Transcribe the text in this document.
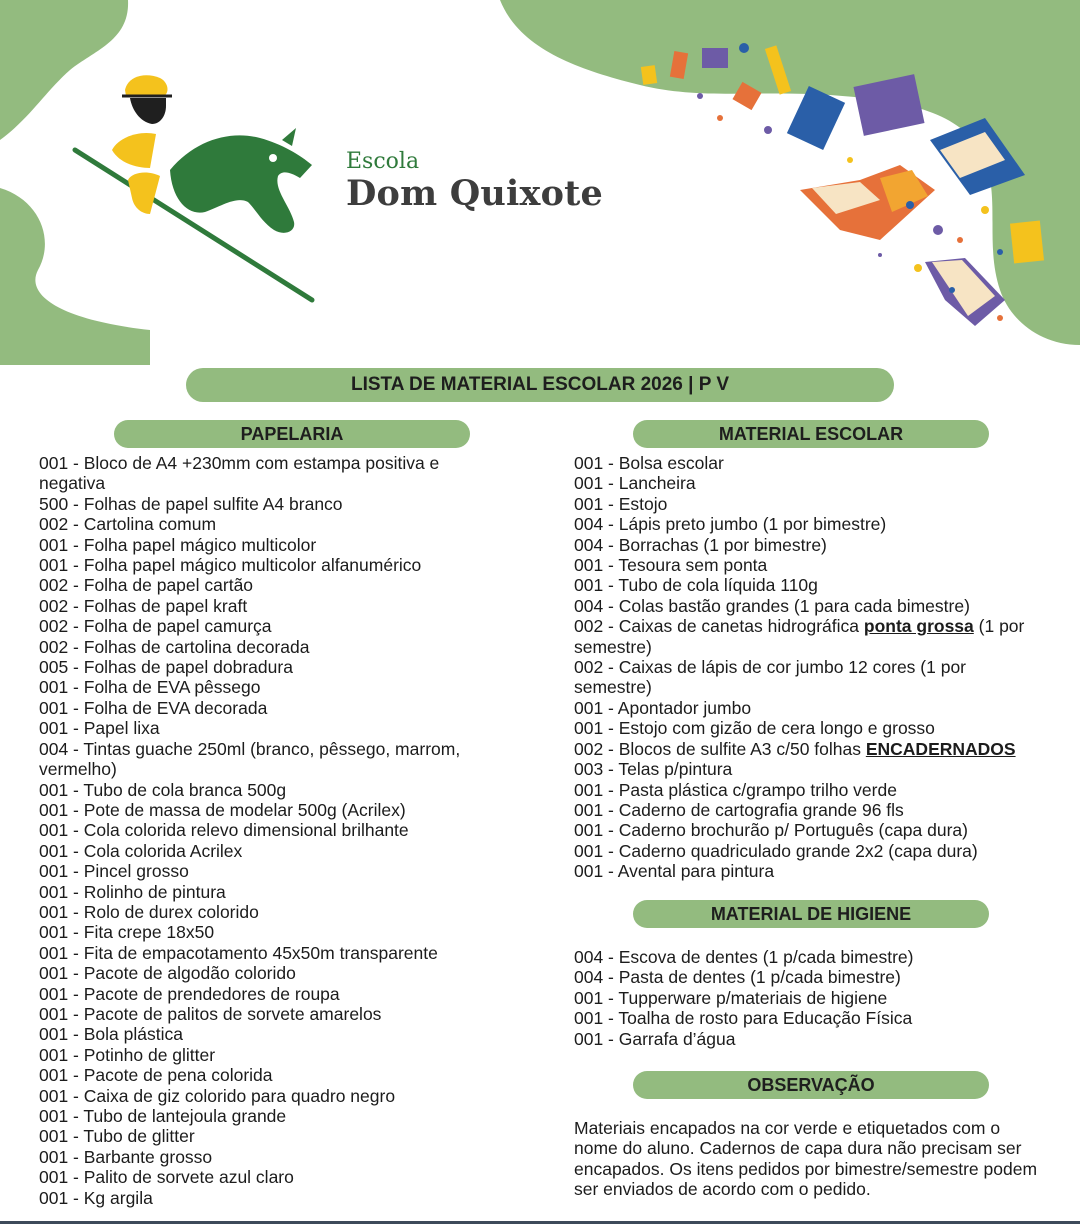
Escola
Dom Quixote
LISTA DE MATERIAL ESCOLAR 2026 | P V
PAPELARIA
001 - Bloco de A4 +230mm com estampa positiva e
negativa
500 - Folhas de papel sulfite A4 branco
002 - Cartolina comum
001 - Folha papel mágico multicolor
001 - Folha papel mágico multicolor alfanumérico
002 - Folha de papel cartão
002 - Folhas de papel kraft
002 - Folha de papel camurça
002 - Folhas de cartolina decorada
005 - Folhas de papel dobradura
001 - Folha de EVA pêssego
001 - Folha de EVA decorada
001 - Papel lixa
004 - Tintas guache 250ml (branco, pêssego, marrom,
vermelho)
001 - Tubo de cola branca 500g
001 - Pote de massa de modelar 500g (Acrilex)
001 - Cola colorida relevo dimensional brilhante
001 - Cola colorida Acrilex
001 - Pincel grosso
001 - Rolinho de pintura
001 - Rolo de durex colorido
001 - Fita crepe 18x50
001 - Fita de empacotamento 45x50m transparente
001 - Pacote de algodão colorido
001 - Pacote de prendedores de roupa
001 - Pacote de palitos de sorvete amarelos
001 - Bola plástica
001 - Potinho de glitter
001 - Pacote de pena colorida
001 - Caixa de giz colorido para quadro negro
001 - Tubo de lantejoula grande
001 - Tubo de glitter
001 - Barbante grosso
001 - Palito de sorvete azul claro
001 - Kg argila
MATERIAL ESCOLAR
001 - Bolsa escolar
001 - Lancheira
001 - Estojo
004 - Lápis preto jumbo (1 por bimestre)
004 - Borrachas (1 por bimestre)
001 - Tesoura sem ponta
001 - Tubo de cola líquida 110g
004 - Colas bastão grandes (1 para cada bimestre)
002 - Caixas de canetas hidrográfica ponta grossa (1 por
semestre)
002 - Caixas de lápis de cor jumbo 12 cores (1 por
semestre)
001 - Apontador jumbo
001 - Estojo com gizão de cera longo e grosso
002 - Blocos de sulfite A3 c/50 folhas ENCADERNADOS
003 - Telas p/pintura
001 - Pasta plástica c/grampo trilho verde
001 - Caderno de cartografia grande 96 fls
001 - Caderno brochurão p/ Português (capa dura)
001 - Caderno quadriculado grande 2x2 (capa dura)
001 - Avental para pintura
MATERIAL DE HIGIENE
004 - Escova de dentes (1 p/cada bimestre)
004 - Pasta de dentes (1 p/cada bimestre)
001 - Tupperware p/materiais de higiene
001 - Toalha de rosto para Educação Física
001 - Garrafa d’água
OBSERVAÇÃO

Materiais encapados na cor verde e etiquetados com o nome do aluno. Cadernos de capa dura não precisam ser encapados. Os itens pedidos por bimestre/semestre podem ser enviados de acordo com o pedido.
